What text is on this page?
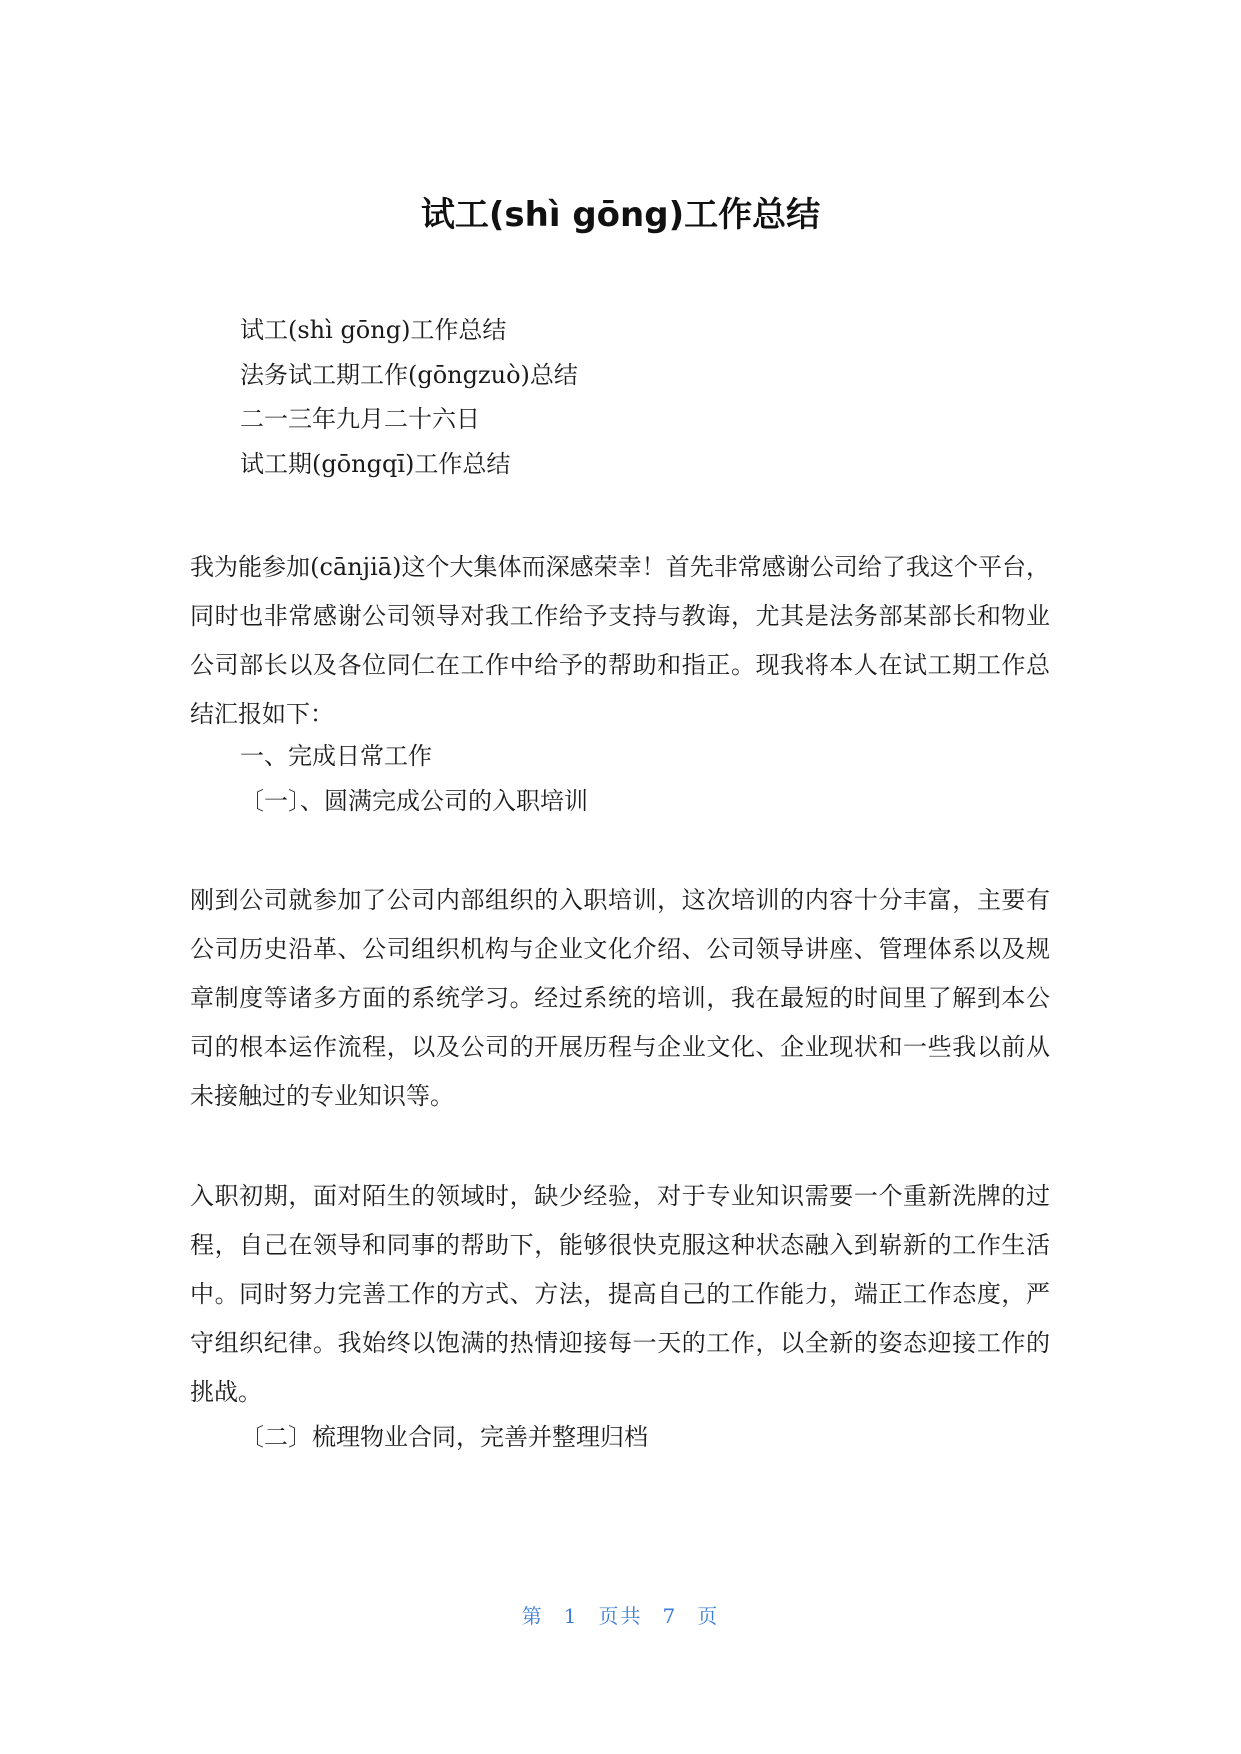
试工(shì gōng)工作总结
试工(shì gōng)工作总结
法务试工期工作(gōngzuò)总结
二一三年九月二十六日
试工期(gōngqī)工作总结

我为能参加(cānjiā)这个大集体而深感荣幸！首先非常感谢公司给了我这个平台，同时也非常感谢公司领导对我工作给予支持与教诲，尤其是法务部某部长和物业公司部长以及各位同仁在工作中给予的帮助和指正。现我将本人在试工期工作总结汇报如下：

一、完成日常工作
〔一〕、圆满完成公司的入职培训

刚到公司就参加了公司内部组织的入职培训，这次培训的内容十分丰富，主要有公司历史沿革、公司组织机构与企业文化介绍、公司领导讲座、管理体系以及规章制度等诸多方面的系统学习。经过系统的培训，我在最短的时间里了解到本公司的根本运作流程，以及公司的开展历程与企业文化、企业现状和一些我以前从未接触过的专业知识等。

入职初期，面对陌生的领域时，缺少经验，对于专业知识需要一个重新洗牌的过程，自己在领导和同事的帮助下，能够很快克服这种状态融入到崭新的工作生活中。同时努力完善工作的方式、方法，提高自己的工作能力，端正工作态度，严守组织纪律。我始终以饱满的热情迎接每一天的工作，以全新的姿态迎接工作的挑战。

〔二〕梳理物业合同，完善并整理归档
第 1 页共 7 页
